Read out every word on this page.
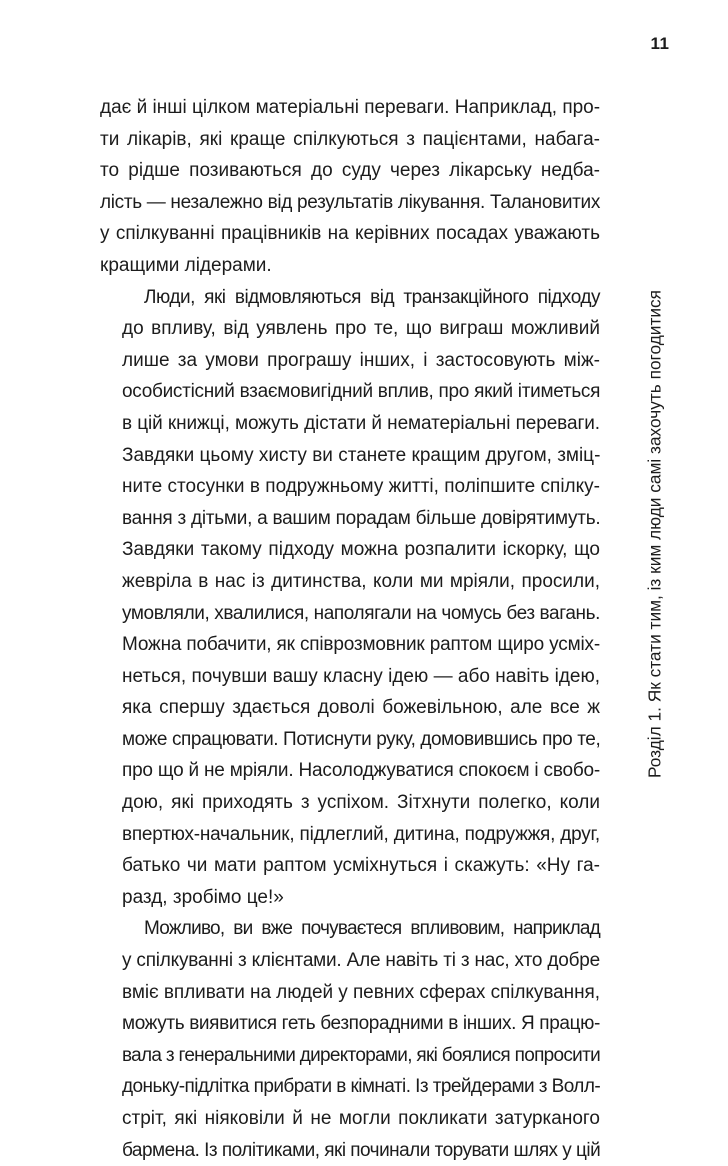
11
Розділ 1. Як стати тим, із ким люди самі захочуть погодитися

дає й інші цілком матеріальні переваги. Наприклад, про-
ти лікарів, які краще спілкуються з пацієнтами, набага-
то рідше позиваються до суду через лікарську недба-
лість — незалежно від результатів лікування. Талановитих
у спілкуванні працівників на керівних посадах уважають
кращими лідерами.

Люди, які відмовляються від транзакційного підходу
до впливу, від уявлень про те, що виграш можливий
лише за умови програшу інших, і застосовують між-
особистісний взаємовигідний вплив, про який ітиметься
в цій книжці, можуть дістати й нематеріальні переваги.
Завдяки цьому хисту ви станете кращим другом, зміц-
ните стосунки в подружньому житті, поліпшите спілку-
вання з дітьми, а вашим порадам більше довірятимуть.
Завдяки такому підходу можна розпалити іскорку, що
жевріла в нас із дитинства, коли ми мріяли, просили,
умовляли, хвалилися, наполягали на чомусь без вагань.
Можна побачити, як співрозмовник раптом щиро усміх-
неться, почувши вашу класну ідею — або навіть ідею,
яка спершу здається доволі божевільною, але все ж
може спрацювати. Потиснути руку, домовившись про те,
про що й не мріяли. Насолоджуватися спокоєм і свобо-
дою, які приходять з успіхом. Зітхнути полегко, коли
впертюх-начальник, підлеглий, дитина, подружжя, друг,
батько чи мати раптом усміхнуться і скажуть: «Ну га-
разд, зробімо це!»

Можливо, ви вже почуваєтеся впливовим, наприклад
у спілкуванні з клієнтами. Але навіть ті з нас, хто добре
вміє впливати на людей у певних сферах спілкування,
можуть виявитися геть безпорадними в інших. Я працю-
вала з генеральними директорами, які боялися попросити
доньку-підлітка прибрати в кімнаті. Із трейдерами з Волл-
стріт, які ніяковіли й не могли покликати затурканого
бармена. Із політиками, які починали торувати шлях у цій
